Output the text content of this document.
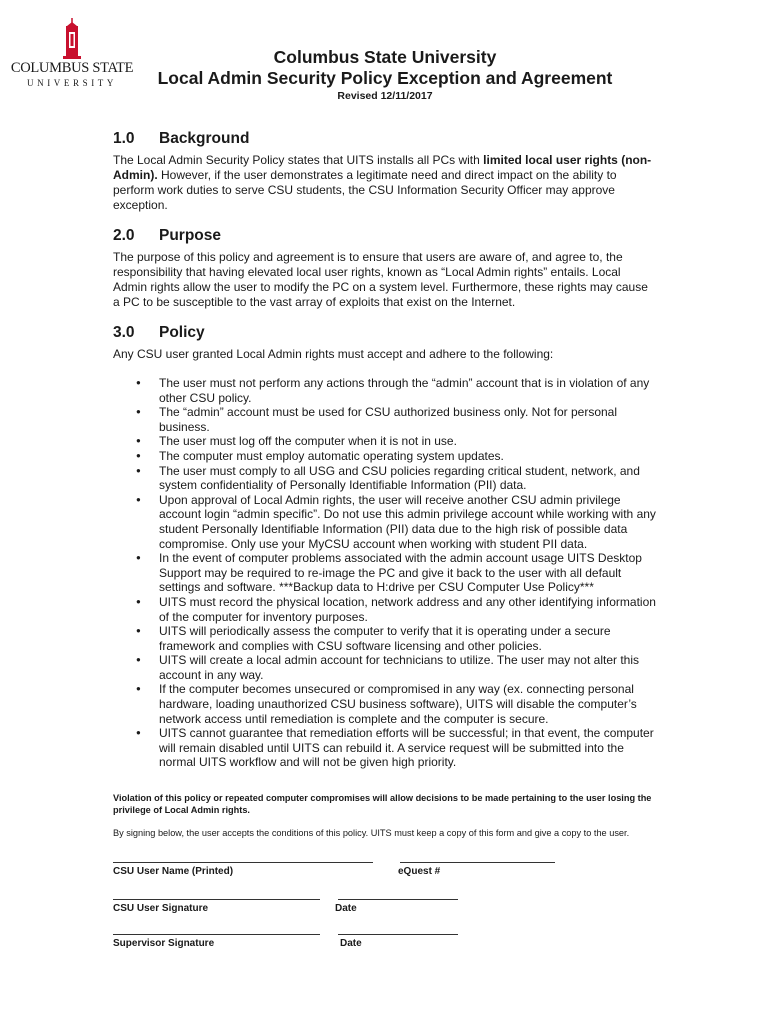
COLUMBUS STATE
UNIVERSITY
Columbus State University
Local Admin Security Policy Exception and Agreement
Revised 12/11/2017
1.0 Background
The Local Admin Security Policy states that UITS installs all PCs with limited local user rights (non-Admin). However, if the user demonstrates a legitimate need and direct impact on the ability to perform work duties to serve CSU students, the CSU Information Security Officer may approve exception.
2.0 Purpose
The purpose of this policy and agreement is to ensure that users are aware of, and agree to, the responsibility that having elevated local user rights, known as “Local Admin rights” entails. Local Admin rights allow the user to modify the PC on a system level. Furthermore, these rights may cause a PC to be susceptible to the vast array of exploits that exist on the Internet.
3.0 Policy
Any CSU user granted Local Admin rights must accept and adhere to the following:
● The user must not perform any actions through the “admin” account that is in violation of any other CSU policy.
● The “admin” account must be used for CSU authorized business only. Not for personal business.
● The user must log off the computer when it is not in use.
● The computer must employ automatic operating system updates.
● The user must comply to all USG and CSU policies regarding critical student, network, and system confidentiality of Personally Identifiable Information (PII) data.
● Upon approval of Local Admin rights, the user will receive another CSU admin privilege account login “admin specific”. Do not use this admin privilege account while working with any student Personally Identifiable Information (PII) data due to the high risk of possible data compromise. Only use your MyCSU account when working with student PII data.
● In the event of computer problems associated with the admin account usage UITS Desktop Support may be required to re-image the PC and give it back to the user with all default settings and software. ***Backup data to H:drive per CSU Computer Use Policy***
● UITS must record the physical location, network address and any other identifying information of the computer for inventory purposes.
● UITS will periodically assess the computer to verify that it is operating under a secure framework and complies with CSU software licensing and other policies.
● UITS will create a local admin account for technicians to utilize. The user may not alter this account in any way.
● If the computer becomes unsecured or compromised in any way (ex. connecting personal hardware, loading unauthorized CSU business software), UITS will disable the computer’s network access until remediation is complete and the computer is secure.
● UITS cannot guarantee that remediation efforts will be successful; in that event, the computer will remain disabled until UITS can rebuild it. A service request will be submitted into the normal UITS workflow and will not be given high priority.
Violation of this policy or repeated computer compromises will allow decisions to be made pertaining to the user losing the privilege of Local Admin rights.
By signing below, the user accepts the conditions of this policy. UITS must keep a copy of this form and give a copy to the user.
CSU User Name (Printed)	eQuest #
CSU User Signature	Date
Supervisor Signature	Date
